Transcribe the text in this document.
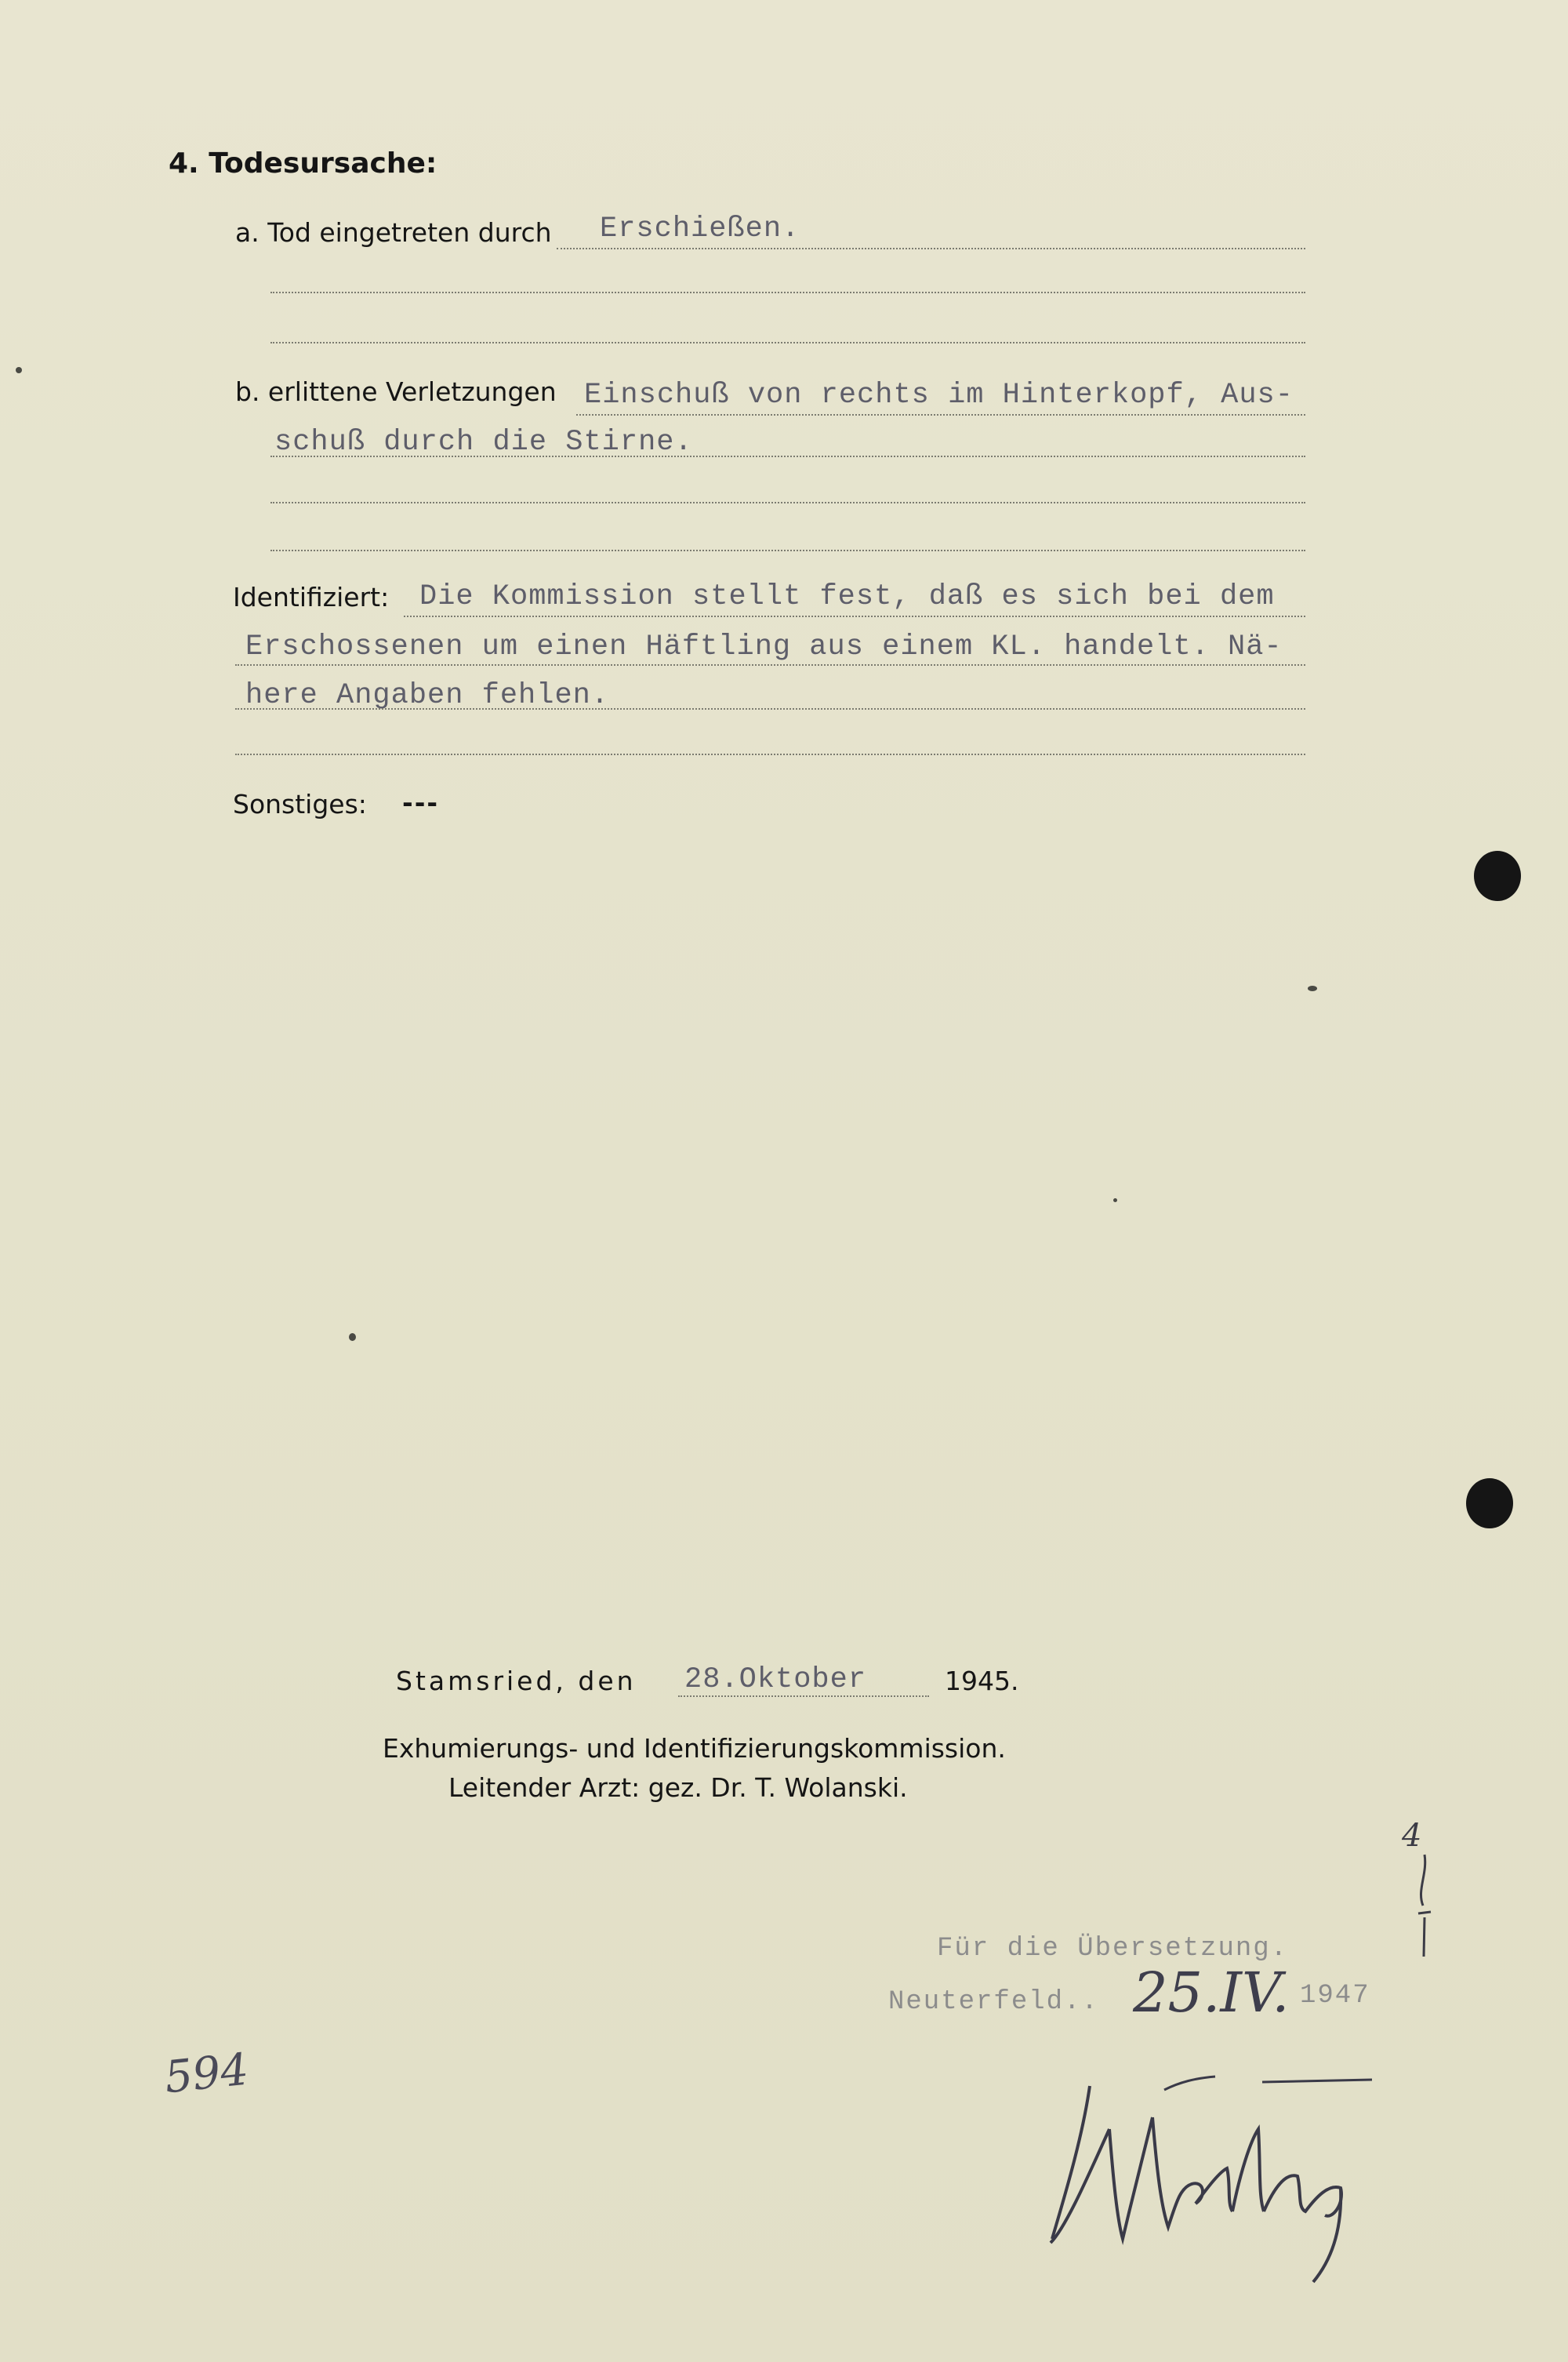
4. Todesursache:
a. Tod eingetreten durch Erschießen.
b. erlittene Verletzungen Einschuß von rechts im Hinterkopf, Aus-
schuß durch die Stirne.
Identifiziert: Die Kommission stellt fest, daß es sich bei dem
Erschossenen um einen Häftling aus einem KL. handelt. Nä-
here Angaben fehlen.
Sonstiges: ---
Stamsried, den 28.Oktober	1945.
Exhumierungs- und Identifizierungskommission.
Leitender Arzt: gez. Dr. T. Wolanski.
Für die Übersetzung.
Neuterfeld.. 25.IV. 1947
4
594
